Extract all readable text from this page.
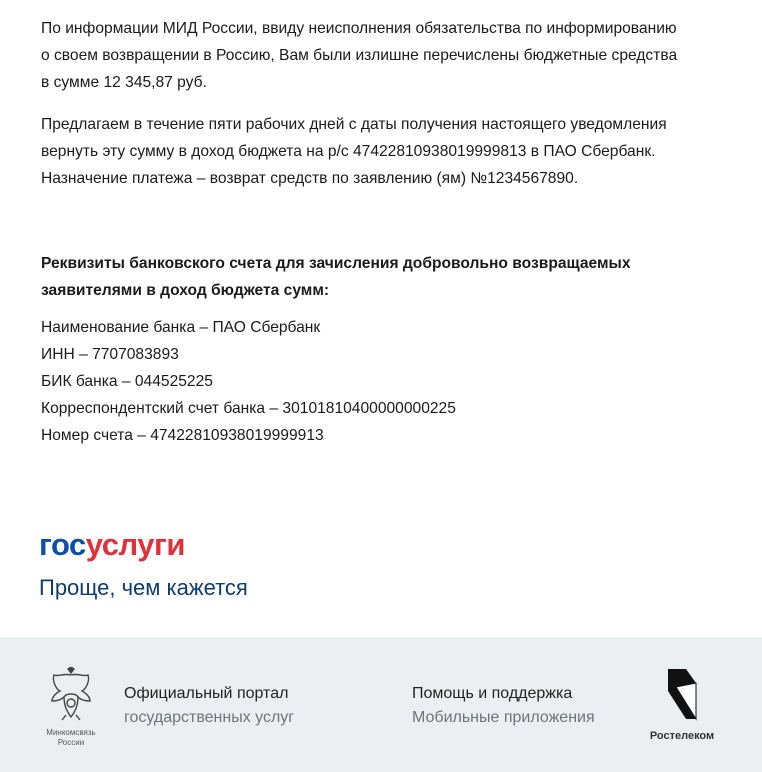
По информации МИД России, ввиду неисполнения обязательства по информированию о своем возвращении в Россию, Вам были излишне перечислены бюджетные средства в сумме 12 345,87 руб.

Предлагаем в течение пяти рабочих дней с даты получения настоящего уведомления вернуть эту сумму в доход бюджета на р/с 47422810938019999813 в ПАО Сбербанк. Назначение платежа – возврат средств по заявлению (ям) №1234567890.

Реквизиты банковского счета для зачисления добровольно возвращаемых заявителями в доход бюджета сумм:

Наименование банка – ПАО Сбербанк
ИНН – 7707083893
БИК банка – 044525225
Корреспондентский счет банка – 30101810400000000225
Номер счета – 47422810938019999913
госуслуги
Проще, чем кажется
Минкомсвязь России
Официальный портал
государственных услуг
Помощь и поддержка
Мобильные приложения
Ростелеком
